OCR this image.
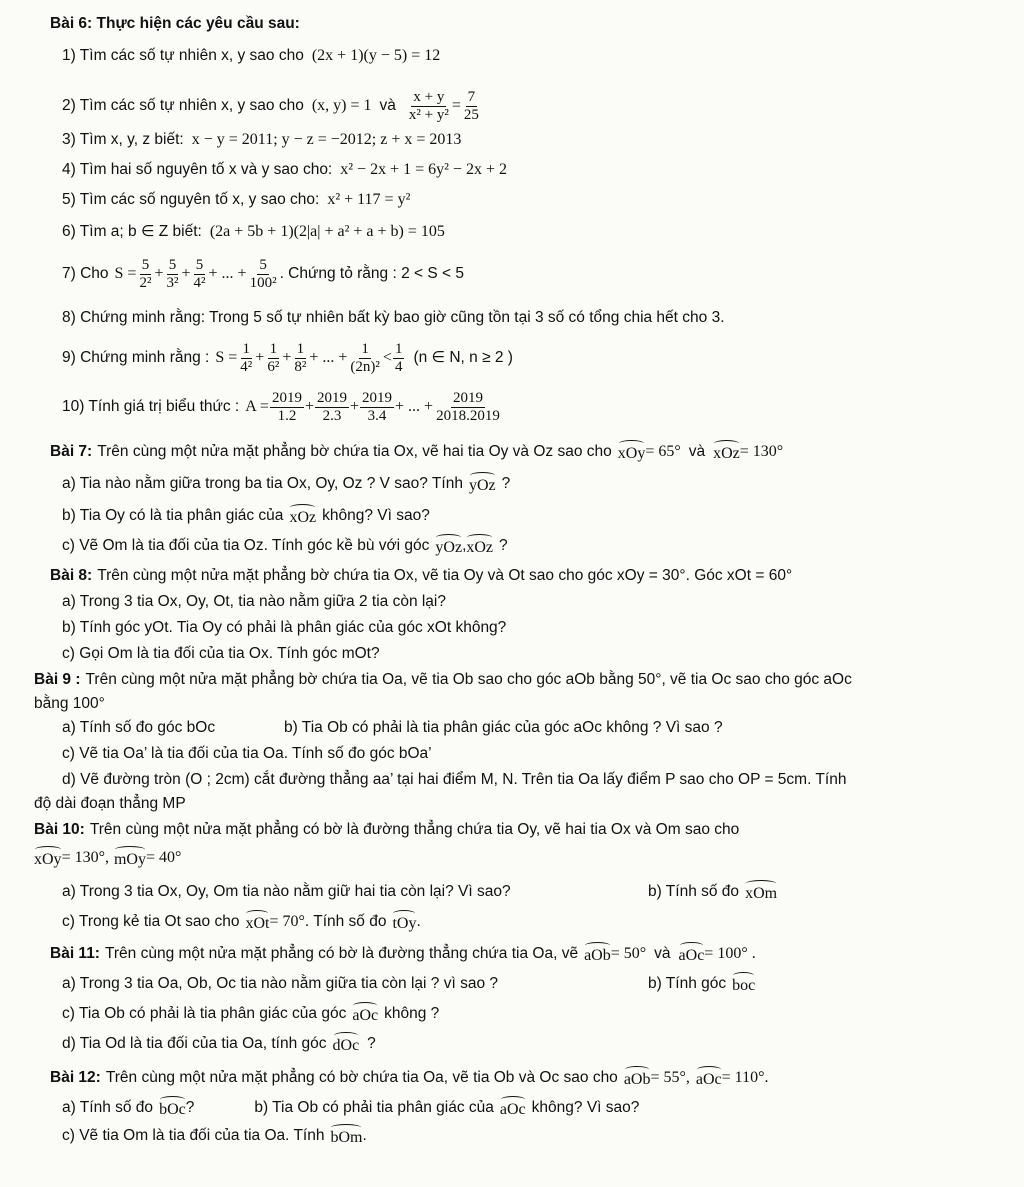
Bài 6: Thực hiện các yêu cầu sau:
1) Tìm các số tự nhiên x, y sao cho (2x + 1)(y − 5) = 12
2) Tìm các số tự nhiên x, y sao cho (x, y) = 1 và $\frac{x + y}{\text{x² + y²}} = \frac{7}{25}$
3) Tìm x, y, z biết: x − y = 2011; y − z = −2012; z + x = 2013
4) Tìm hai số nguyên tố x và y sao cho: x² − 2x + 1 = 6y² − 2x + 2
5) Tìm các số nguyên tố x, y sao cho: x² + 117 = y²
6) Tìm a; b ∈ Z biết: (2a + 5b + 1)(2|a| + a² + a + b) = 105
7) Cho $S = \frac{5}{\text{2²}} + \frac{5}{\text{3²}} + \frac{5}{\text{4²}}$ + ... + $\frac{5}{\text{100²}}$ . Chứng tỏ rằng : 2 < S < 5
8) Chứng minh rằng: Trong 5 số tự nhiên bất kỳ bao giờ cũng tồn tại 3 số có tổng chia hết cho 3.
9) Chứng minh rằng : $S = \frac{1}{\text{4²}} + \frac{1}{\text{6²}} + \frac{1}{\text{8²}}$ + ... + $\frac{1}{\text{(2n)²}} < \frac{1}{4} (n$ ∈ N, n ≥ 2 )
10) Tính giá trị biểu thức : $A = \frac{2019}{1.2} + \frac{2019}{2.3} + \frac{2019}{3.4}$ + ... + $\frac{2019}{2018.2019}$
Bài 7: Trên cùng một nửa mặt phẳng bờ chứa tia Ox, vẽ hai tia Oy và Oz sao cho xOy = 65° và xOz = 130°
a) Tia nào nằm giữa trong ba tia Ox, Oy, Oz ? V sao? Tính yOz ?
b) Tia Oy có là tia phân giác của xOz không? Vì sao?
c) Vẽ Om là tia đối của tia Oz. Tính góc kề bù với góc yOz , xOz ?
Bài 8: Trên cùng một nửa mặt phẳng bờ chứa tia Ox, vẽ tia Oy và Ot sao cho góc xOy = 30°. Góc xOt = 60°
a) Trong 3 tia Ox, Oy, Ot, tia nào nằm giữa 2 tia còn lại?
b) Tính góc yOt. Tia Oy có phải là phân giác của góc xOt không?
c) Gọi Om là tia đối của tia Ox. Tính góc mOt?
Bài 9 : Trên cùng một nửa mặt phẳng bờ chứa tia Oa, vẽ tia Ob sao cho góc aOb bằng 50°, vẽ tia Oc sao cho góc aOc
bằng 100°
a) Tính số đo góc bOc	b) Tia Ob có phải là tia phân giác của góc aOc không ? Vì sao ?
c) Vẽ tia Oa’ là tia đối của tia Oa. Tính số đo góc bOa’
d) Vẽ đường tròn (O ; 2cm) cắt đường thẳng aa’ tại hai điểm M, N. Trên tia Oa lấy điểm P sao cho OP = 5cm. Tính
độ dài đoạn thẳng MP
Bài 10: Trên cùng một nửa mặt phẳng có bờ là đường thẳng chứa tia Oy, vẽ hai tia Ox và Om sao cho
xOy = 130°, mOy = 40°
a) Trong 3 tia Ox, Oy, Om tia nào nằm giữ hai tia còn lại? Vì sao?	b) Tính số đo xOm
c) Trong kẻ tia Ot sao cho xOt = 70° . Tính số đo tOy .
Bài 11: Trên cùng một nửa mặt phẳng có bờ là đường thẳng chứa tia Oa, vẽ aOb = 50° và aOc = 100° .
a) Trong 3 tia Oa, Ob, Oc tia nào nằm giữa tia còn lại ? vì sao ?	b) Tính góc boc
c) Tia Ob có phải là tia phân giác của góc aOc không ?
d) Tia Od là tia đối của tia Oa, tính góc dOc ?
Bài 12: Trên cùng một nửa mặt phẳng có bờ chứa tia Oa, vẽ tia Ob và Oc sao cho aOb = 55°, aOc = 110°.
a) Tính số đo bOc ?	b) Tia Ob có phải tia phân giác của aOc không? Vì sao?
c) Vẽ tia Om là tia đối của tia Oa. Tính bOm .
